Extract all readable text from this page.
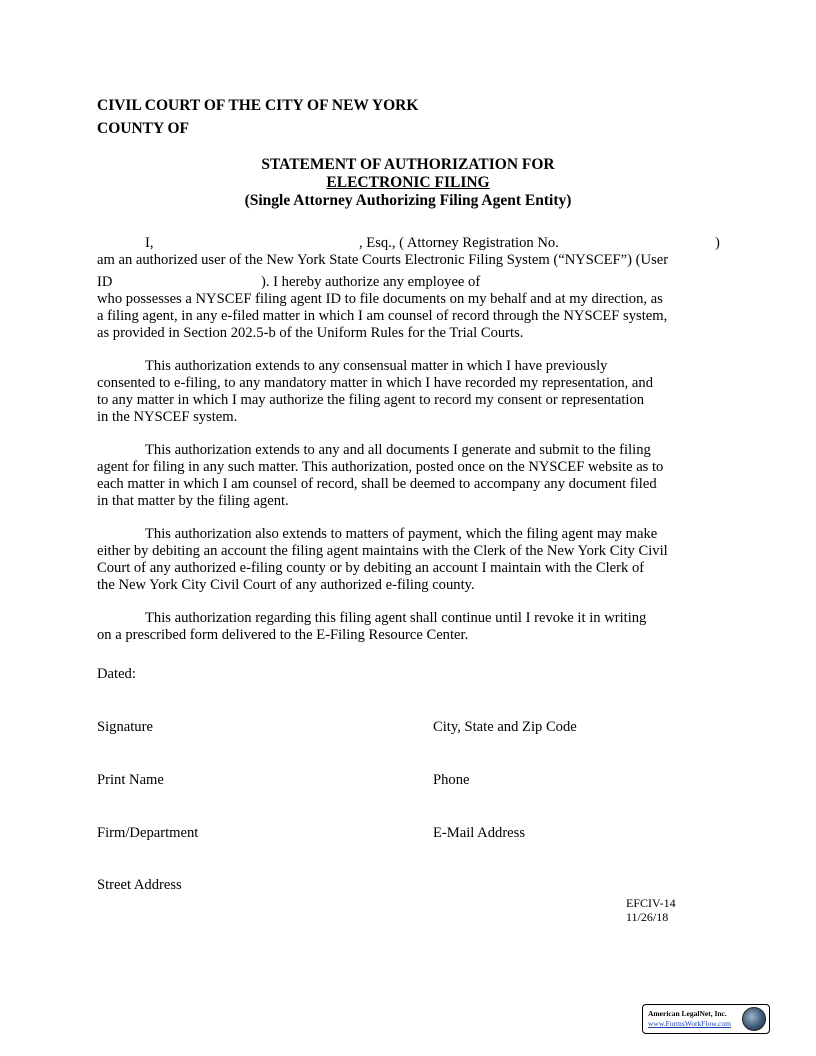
CIVIL COURT OF THE CITY OF NEW YORK
COUNTY OF
STATEMENT OF AUTHORIZATION FOR
ELECTRONIC FILING
(Single Attorney Authorizing Filing Agent Entity)
I,	, Esq., ( Attorney Registration No.	)
am an authorized user of the New York State Courts Electronic Filing System (“NYSCEF”) (User
ID	). I hereby authorize any employee of
who possesses a NYSCEF filing agent ID to file documents on my behalf and at my direction, as
a filing agent, in any e-filed matter in which I am counsel of record through the NYSCEF system,
as provided in Section 202.5-b of the Uniform Rules for the Trial Courts.
This authorization extends to any consensual matter in which I have previously
consented to e-filing, to any mandatory matter in which I have recorded my representation, and
to any matter in which I may authorize the filing agent to record my consent or representation
in the NYSCEF system.
This authorization extends to any and all documents I generate and submit to the filing
agent for filing in any such matter. This authorization, posted once on the NYSCEF website as to
each matter in which I am counsel of record, shall be deemed to accompany any document filed
in that matter by the filing agent.
This authorization also extends to matters of payment, which the filing agent may make
either by debiting an account the filing agent maintains with the Clerk of the New York City Civil
Court of any authorized e-filing county or by debiting an account I maintain with the Clerk of
the New York City Civil Court of any authorized e-filing county.
This authorization regarding this filing agent shall continue until I revoke it in writing
on a prescribed form delivered to the E-Filing Resource Center.
Dated:
Signature	City, State and Zip Code
Print Name	Phone
Firm/Department	E-Mail Address
Street Address
EFCIV-14
11/26/18
American LegalNet, Inc.
www.FormsWorkFlow.com
